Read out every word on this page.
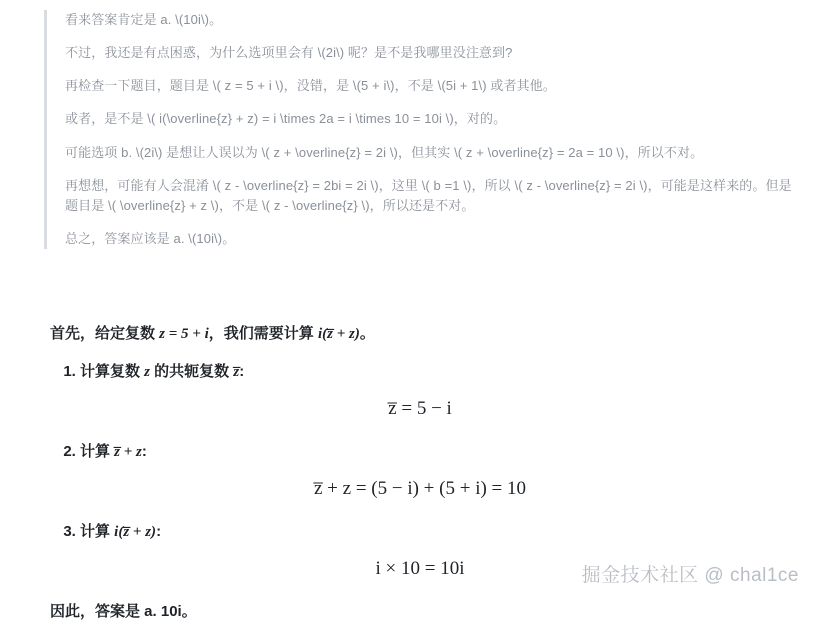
看来答案肯定是 a. \(10i\)。

不过，我还是有点困惑，为什么选项里会有 \(2i\) 呢？是不是我哪里没注意到?

再检查一下题目，题目是 \( z = 5 + i \)，没错，是 \(5 + i\)，不是 \(5i + 1\) 或者其他。

或者，是不是 \( i(\overline{z} + z) = i \times 2a = i \times 10 = 10i \)，对的。

可能选项 b. \(2i\) 是想让人误以为 \( z + \overline{z} = 2i \)，但其实 \( z + \overline{z} = 2a = 10 \)，所以不对。

再想想，可能有人会混淆 \( z - \overline{z} = 2bi = 2i \)，这里 \( b =1 \)，所以 \( z - \overline{z} = 2i \)，可能是这样来的。但是题目是 \( \overline{z} + z \)，不是 \( z - \overline{z} \)，所以还是不对。

总之，答案应该是 a. \(10i\)。

首先，给定复数 z = 5 + i，我们需要计算 i(z̅ + z)。

1. 计算复数 z 的共轭复数 z̅:
z̅ = 5 − i
2. 计算 z̅ + z:
z̅ + z = (5 − i) + (5 + i) = 10
3. 计算 i(z̅ + z):
i × 10 = 10i

因此，答案是 a. 10i。

掘金技术社区 @ chal1ce
